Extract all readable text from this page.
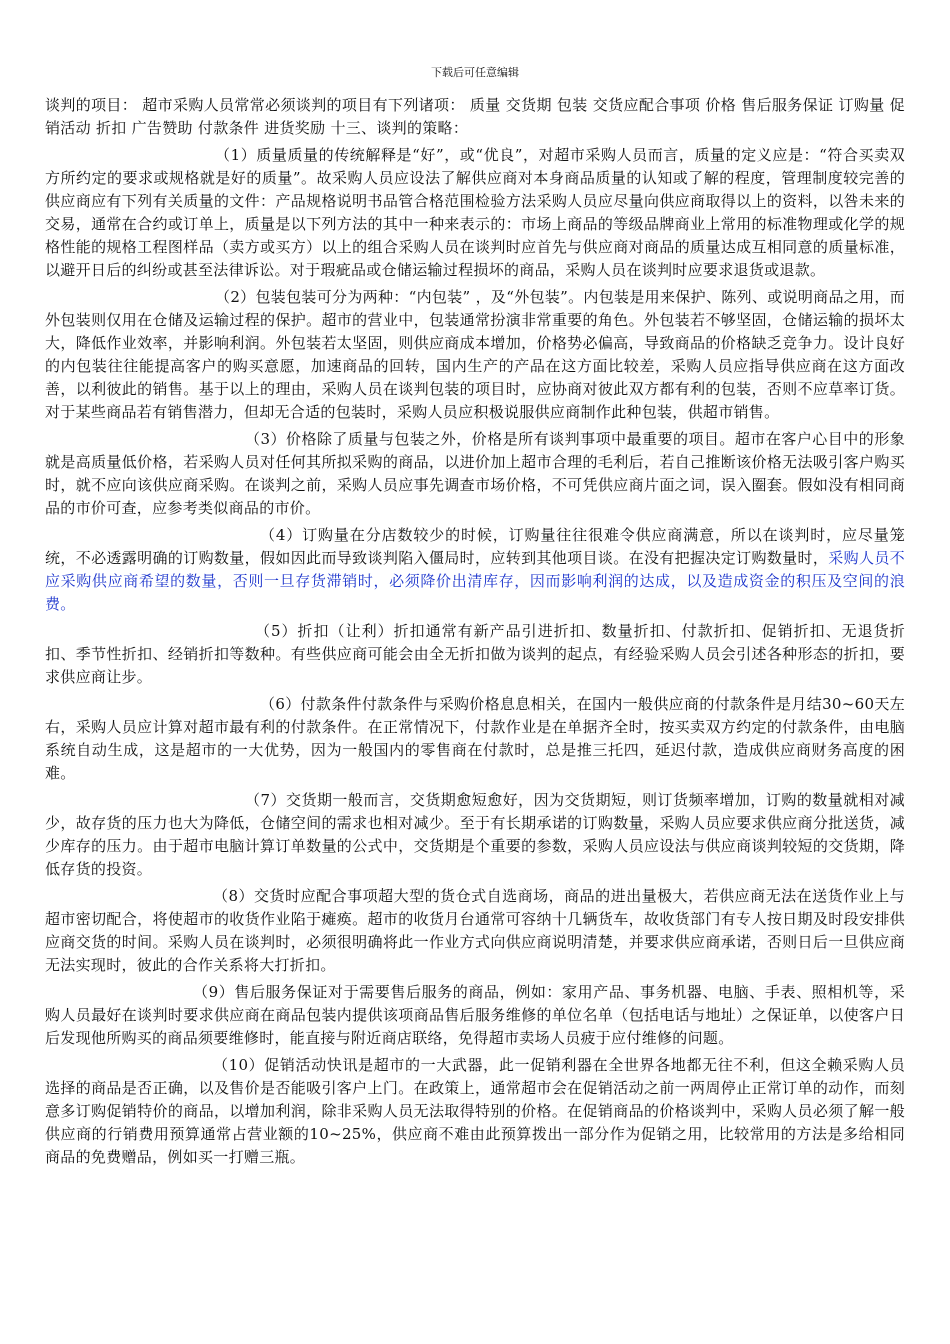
下载后可任意编辑

谈判的项目： 超市采购人员常常必须谈判的项目有下列诸项： 质量 交货期 包装 交货应配合事项 价格 售后服务保证 订购量 促销活动 折扣 广告赞助 付款条件 进货奖励 十三、谈判的策略：

（1）质量质量的传统解释是“好”，或“优良”，对超市采购人员而言，质量的定义应是：“符合买卖双方所约定的要求或规格就是好的质量”。故采购人员应设法了解供应商对本身商品质量的认知或了解的程度，管理制度较完善的供应商应有下列有关质量的文件：产品规格说明书品管合格范围检验方法采购人员应尽量向供应商取得以上的资料，以咎未来的交易，通常在合约或订单上，质量是以下列方法的其中一种来表示的：市场上商品的等级品牌商业上常用的标准物理或化学的规格性能的规格工程图样品（卖方或买方）以上的组合采购人员在谈判时应首先与供应商对商品的质量达成互相同意的质量标准，以避开日后的纠纷或甚至法律诉讼。对于瑕疵品或仓储运输过程损坏的商品，采购人员在谈判时应要求退货或退款。

（2）包装包装可分为两种：“内包装” ，及“外包装”。内包装是用来保护、陈列、或说明商品之用，而外包装则仅用在仓储及运输过程的保护。超市的营业中，包装通常扮演非常重要的角色。外包装若不够坚固，仓储运输的损坏太大，降低作业效率，并影响利润。外包装若太坚固，则供应商成本增加，价格势必偏高，导致商品的价格缺乏竞争力。设计良好的内包装往往能提高客户的购买意愿，加速商品的回转，国内生产的产品在这方面比较差，采购人员应指导供应商在这方面改善，以利彼此的销售。基于以上的理由，采购人员在谈判包装的项目时，应协商对彼此双方都有利的包装，否则不应草率订货。对于某些商品若有销售潜力，但却无合适的包装时，采购人员应积极说服供应商制作此种包装，供超市销售。

（3）价格除了质量与包装之外，价格是所有谈判事项中最重要的项目。超市在客户心目中的形象就是高质量低价格，若采购人员对任何其所拟采购的商品，以进价加上超市合理的毛利后，若自己推断该价格无法吸引客户购买时，就不应向该供应商采购。在谈判之前，采购人员应事先调查市场价格，不可凭供应商片面之词，误入圈套。假如没有相同商品的市价可查，应参考类似商品的市价。

（4）订购量在分店数较少的时候，订购量往往很难令供应商满意，所以在谈判时，应尽量笼统，不必透露明确的订购数量，假如因此而导致谈判陷入僵局时，应转到其他项目谈。在没有把握决定订购数量时，采购人员不应采购供应商希望的数量，否则一旦存货滞销时，必须降价出清库存，因而影响利润的达成，以及造成资金的积压及空间的浪费。

（5）折扣（让利）折扣通常有新产品引进折扣、数量折扣、付款折扣、促销折扣、无退货折扣、季节性折扣、经销折扣等数种。有些供应商可能会由全无折扣做为谈判的起点，有经验采购人员会引述各种形态的折扣，要求供应商让步。

（6）付款条件付款条件与采购价格息息相关，在国内一般供应商的付款条件是月结30~60天左右，采购人员应计算对超市最有利的付款条件。在正常情况下，付款作业是在单据齐全时，按买卖双方约定的付款条件，由电脑系统自动生成，这是超市的一大优势，因为一般国内的零售商在付款时，总是推三托四，延迟付款，造成供应商财务高度的困难。

（7）交货期一般而言，交货期愈短愈好，因为交货期短，则订货频率增加，订购的数量就相对减少，故存货的压力也大为降低，仓储空间的需求也相对减少。至于有长期承诺的订购数量，采购人员应要求供应商分批送货，减少库存的压力。由于超市电脑计算订单数量的公式中，交货期是个重要的参数，采购人员应设法与供应商谈判较短的交货期，降低存货的投资。

（8）交货时应配合事项超大型的货仓式自选商场，商品的进出量极大，若供应商无法在送货作业上与超市密切配合，将使超市的收货作业陷于瘫痪。超市的收货月台通常可容纳十几辆货车，故收货部门有专人按日期及时段安排供应商交货的时间。采购人员在谈判时，必须很明确将此一作业方式向供应商说明清楚，并要求供应商承诺，否则日后一旦供应商无法实现时，彼此的合作关系将大打折扣。

（9）售后服务保证对于需要售后服务的商品，例如：家用产品、事务机器、电脑、手表、照相机等，采购人员最好在谈判时要求供应商在商品包装内提供该项商品售后服务维修的单位名单（包括电话与地址）之保证单，以使客户日后发现他所购买的商品须要维修时，能直接与附近商店联络，免得超市卖场人员疲于应付维修的问题。

（10）促销活动快讯是超市的一大武器，此一促销利器在全世界各地都无往不利，但这全赖采购人员选择的商品是否正确，以及售价是否能吸引客户上门。在政策上，通常超市会在促销活动之前一两周停止正常订单的动作，而刻意多订购促销特价的商品，以增加利润，除非采购人员无法取得特别的价格。在促销商品的价格谈判中，采购人员必须了解一般供应商的行销费用预算通常占营业额的10~25%，供应商不难由此预算拨出一部分作为促销之用，比较常用的方法是多给相同商品的免费赠品，例如买一打赠三瓶。
